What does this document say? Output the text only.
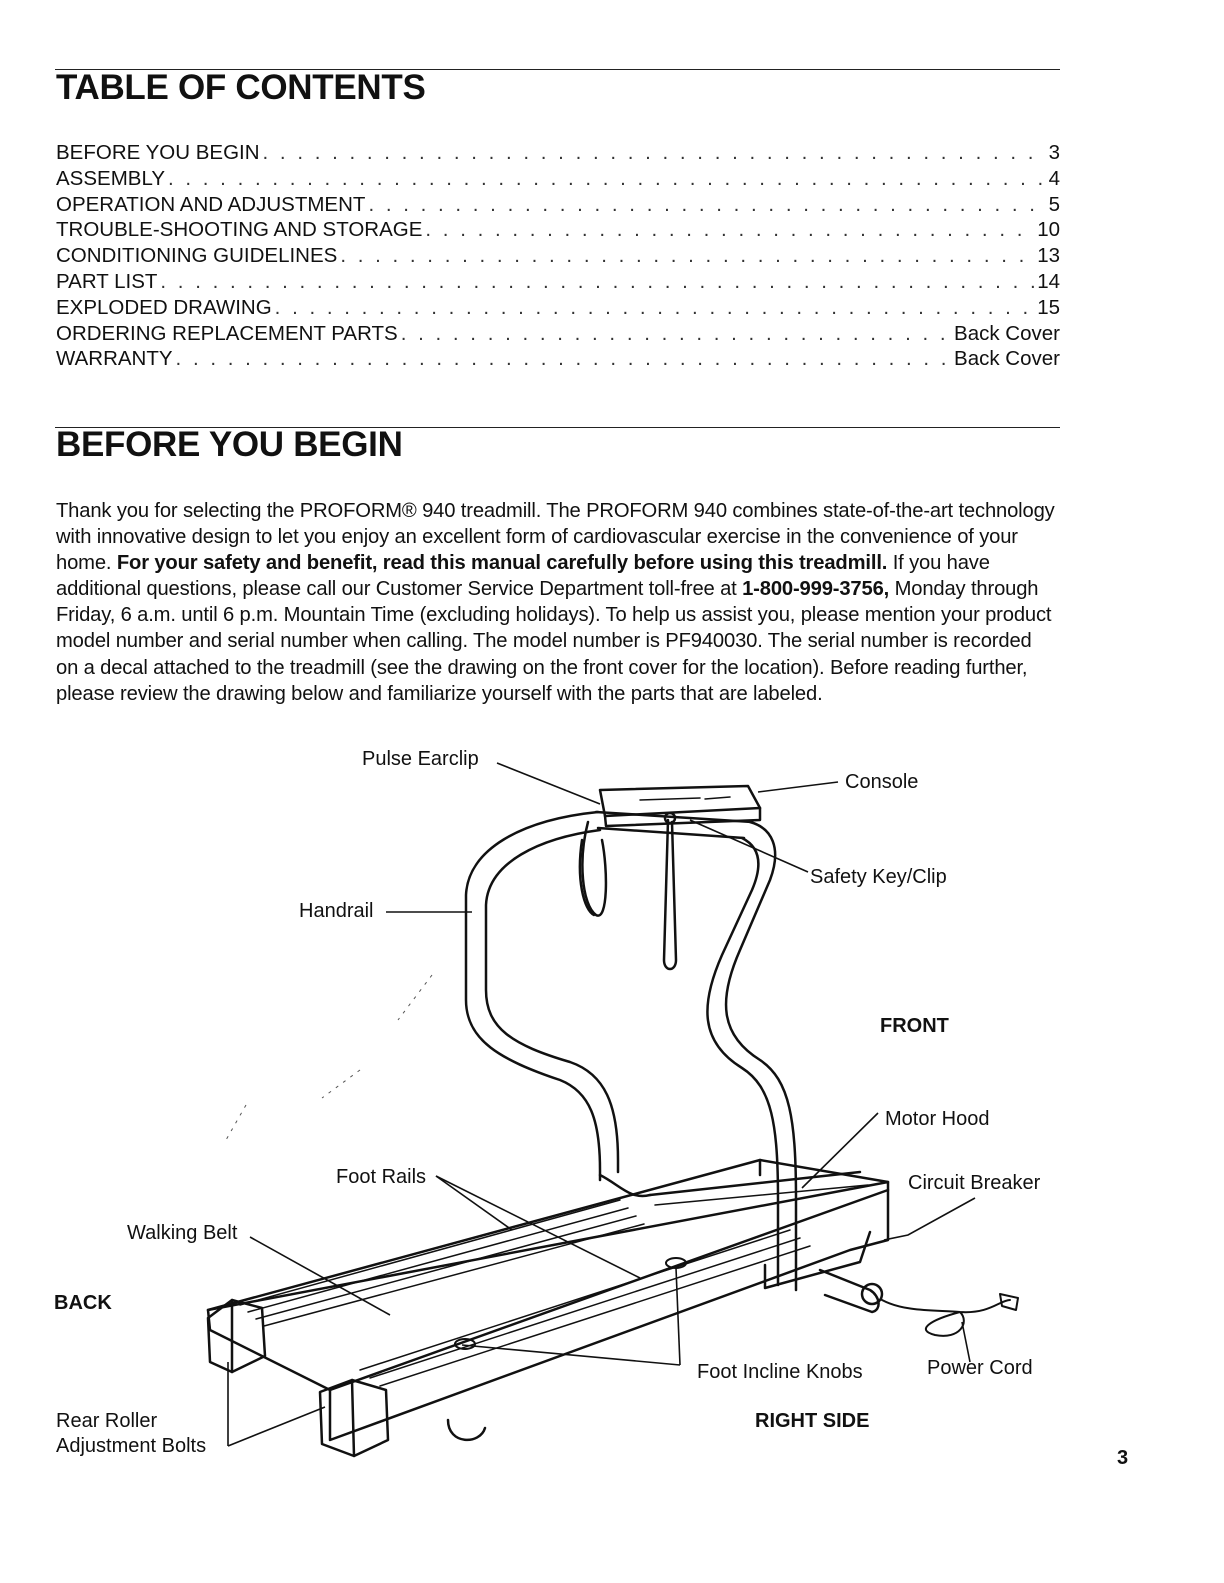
TABLE OF CONTENTS
BEFORE YOU BEGIN . . .	3
ASSEMBLY . . .	4
OPERATION AND ADJUSTMENT . . .	5
TROUBLE-SHOOTING AND STORAGE . . .	10
CONDITIONING GUIDELINES . . .	13
PART LIST . . .	14
EXPLODED DRAWING . . .	15
ORDERING REPLACEMENT PARTS . . .	Back Cover
WARRANTY . . .	Back Cover
BEFORE YOU BEGIN

Thank you for selecting the PROFORM® 940 treadmill. The PROFORM 940 combines state-of-the-art technology with innovative design to let you enjoy an excellent form of cardiovascular exercise in the convenience of your home. For your safety and benefit, read this manual carefully before using this treadmill. If you have additional questions, please call our Customer Service Department toll-free at 1-800-999-3756, Monday through Friday, 6 a.m. until 6 p.m. Mountain Time (excluding holidays). To help us assist you, please mention your product model number and serial number when calling. The model number is PF940030. The serial number is recorded on a decal attached to the treadmill (see the drawing on the front cover for the location). Before reading further, please review the drawing below and familiarize yourself with the parts that are labeled.

Pulse Earclip
Console
Safety Key/Clip
Handrail
FRONT
Motor Hood
Circuit Breaker
Foot Rails
Walking Belt
BACK
Foot Incline Knobs	Power Cord
Rear Roller
Adjustment Bolts
RIGHT SIDE
3
